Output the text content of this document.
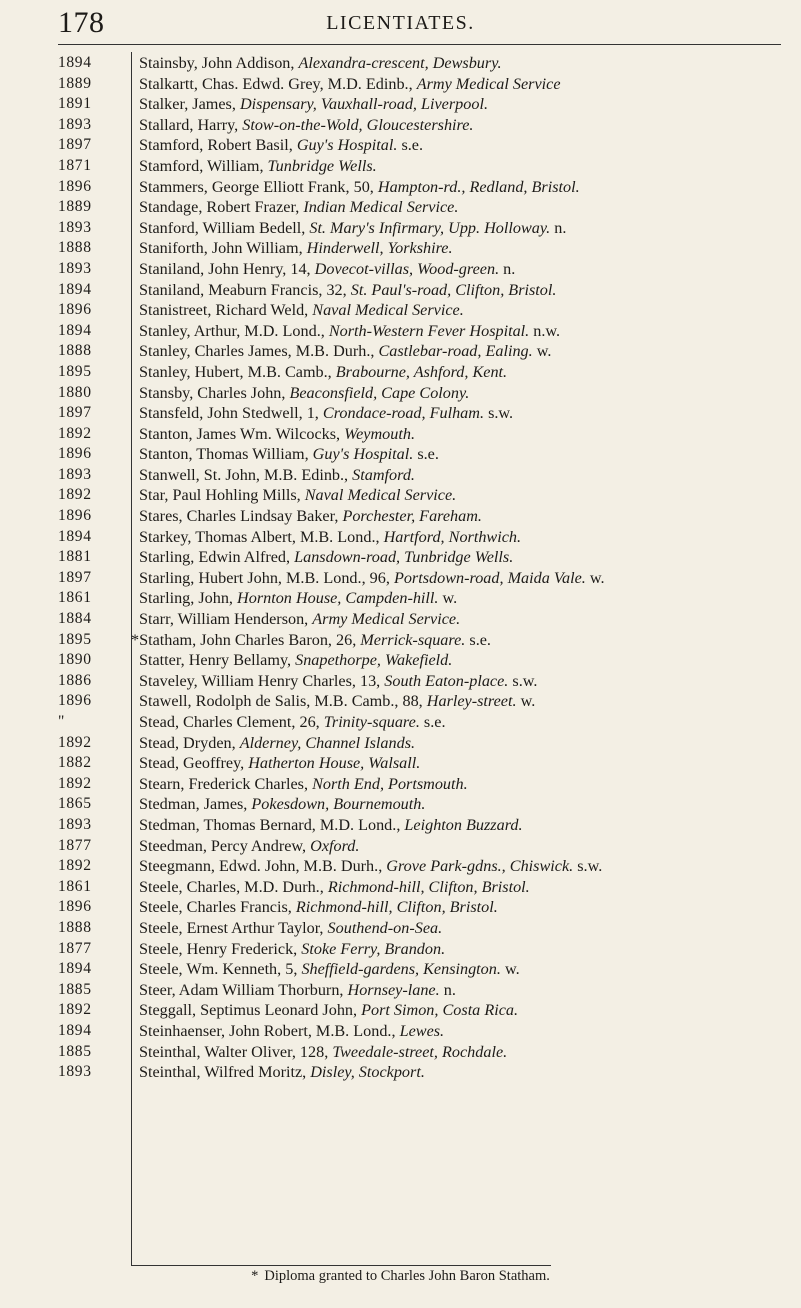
178	LICENTIATES.
1894	Stainsby, John Addison, Alexandra-crescent, Dewsbury.
1889	Stalkartt, Chas. Edwd. Grey, M.D. Edinb., Army Medical Service
1891	Stalker, James, Dispensary, Vauxhall-road, Liverpool.
1893	Stallard, Harry, Stow-on-the-Wold, Gloucestershire.
1897	Stamford, Robert Basil, Guy's Hospital. s.e.
1871	Stamford, William, Tunbridge Wells.
1896	Stammers, George Elliott Frank, 50, Hampton-rd., Redland, Bristol.
1889	Standage, Robert Frazer, Indian Medical Service.
1893	Stanford, William Bedell, St. Mary's Infirmary, Upp. Holloway. n.
1888	Staniforth, John William, Hinderwell, Yorkshire.
1893	Staniland, John Henry, 14, Dovecot-villas, Wood-green. n.
1894	Staniland, Meaburn Francis, 32, St. Paul's-road, Clifton, Bristol.
1896	Stanistreet, Richard Weld, Naval Medical Service.
1894	Stanley, Arthur, M.D. Lond., North-Western Fever Hospital. n.w.
1888	Stanley, Charles James, M.B. Durh., Castlebar-road, Ealing. w.
1895	Stanley, Hubert, M.B. Camb., Brabourne, Ashford, Kent.
1880	Stansby, Charles John, Beaconsfield, Cape Colony.
1897	Stansfeld, John Stedwell, 1, Crondace-road, Fulham. s.w.
1892	Stanton, James Wm. Wilcocks, Weymouth.
1896	Stanton, Thomas William, Guy's Hospital. s.e.
1893	Stanwell, St. John, M.B. Edinb., Stamford.
1892	Star, Paul Hohling Mills, Naval Medical Service.
1896	Stares, Charles Lindsay Baker, Porchester, Fareham.
1894	Starkey, Thomas Albert, M.B. Lond., Hartford, Northwich.
1881	Starling, Edwin Alfred, Lansdown-road, Tunbridge Wells.
1897	Starling, Hubert John, M.B. Lond., 96, Portsdown-road, Maida Vale. w.
1861	Starling, John, Hornton House, Campden-hill. w.
1884	Starr, William Henderson, Army Medical Service.
1895	*Statham, John Charles Baron, 26, Merrick-square. s.e.
1890	Statter, Henry Bellamy, Snapethorpe, Wakefield.
1886	Staveley, William Henry Charles, 13, South Eaton-place. s.w.
1896	Stawell, Rodolph de Salis, M.B. Camb., 88, Harley-street. w.
"	Stead, Charles Clement, 26, Trinity-square. s.e.
1892	Stead, Dryden, Alderney, Channel Islands.
1882	Stead, Geoffrey, Hatherton House, Walsall.
1892	Stearn, Frederick Charles, North End, Portsmouth.
1865	Stedman, James, Pokesdown, Bournemouth.
1893	Stedman, Thomas Bernard, M.D. Lond., Leighton Buzzard.
1877	Steedman, Percy Andrew, Oxford.
1892	Steegmann, Edwd. John, M.B. Durh., Grove Park-gdns., Chiswick. s.w.
1861	Steele, Charles, M.D. Durh., Richmond-hill, Clifton, Bristol.
1896	Steele, Charles Francis, Richmond-hill, Clifton, Bristol.
1888	Steele, Ernest Arthur Taylor, Southend-on-Sea.
1877	Steele, Henry Frederick, Stoke Ferry, Brandon.
1894	Steele, Wm. Kenneth, 5, Sheffield-gardens, Kensington. w.
1885	Steer, Adam William Thorburn, Hornsey-lane. n.
1892	Steggall, Septimus Leonard John, Port Simon, Costa Rica.
1894	Steinhaenser, John Robert, M.B. Lond., Lewes.
1885	Steinthal, Walter Oliver, 128, Tweedale-street, Rochdale.
1893	Steinthal, Wilfred Moritz, Disley, Stockport.
* Diploma granted to Charles John Baron Statham.
